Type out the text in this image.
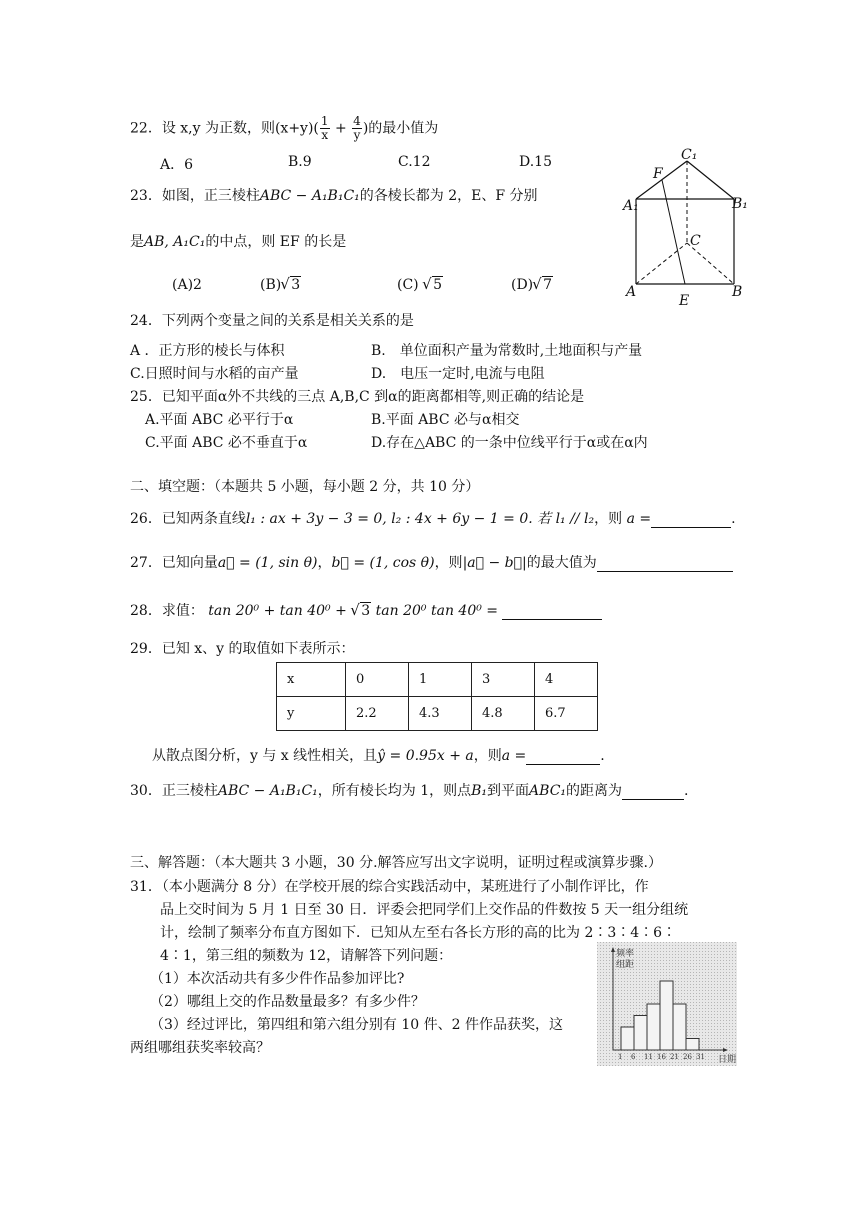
22．设 x,y 为正数，则$(x+y)( \frac{1}{x} + \frac{4}{y}$ )的最小值为
A．6	B.9	C.12	D.15
23．如图，正三棱柱ABC − A₁B₁C₁的各棱长都为 2，E、F 分别
是AB, A₁C₁的中点，则 EF 的长是
(A)2	(B) √ 3	(C) √ 5	(D) √ 7
C₁
F
A₁	B₁
C
A
E
B
24．下列两个变量之间的关系是相关关系的是
A ．正方形的棱长与体积	B.　单位面积产量为常数时,土地面积与产量
C.日照时间与水稻的亩产量	D.　电压一定时,电流与电阻
25．已知平面α外不共线的三点 A,B,C 到α的距离都相等,则正确的结论是
A.平面 ABC 必平行于α	B.平面 ABC 必与α相交
C.平面 ABC 必不垂直于α	D.存在△ABC 的一条中位线平行于α或在α内
二、填空题：（本题共 5 小题，每小题 2 分，共 10 分）
26．已知两条直线l₁ : ax + 3y − 3 = 0, l₂ : 4x + 6y − 1 = 0. 若 l₁ // l₂，则 a =	.
27．已知向量a⃗ = (1, sin θ)，b⃗ = (1, cos θ)，则|a⃗ − b⃗|的最大值为
28．求值： tan 20⁰ + tan 40⁰ + √ 3 tan 20⁰ tan 40⁰ =
29．已知 x、y 的取值如下表所示：
x	0	1	3	4
y	2.2	4.3	4.8	6.7
从散点图分析，y 与 x 线性相关，且ŷ = 0.95x + a，则a =	.
30．正三棱柱ABC − A₁B₁C₁，所有棱长均为 1，则点B₁到平面ABC₁的距离为	.
三、解答题：（本大题共 3 小题，30 分.解答应写出文字说明，证明过程或演算步骤.）
31．（本小题满分 8 分）在学校开展的综合实践活动中，某班进行了小制作评比，作
品上交时间为 5 月 1 日至 30 日．评委会把同学们上交作品的件数按 5 天一组分组统
计，绘制了频率分布直方图如下．已知从左至右各长方形的高的比为 2∶3∶4∶6∶
4∶1，第三组的频数为 12，请解答下列问题：
（1）本次活动共有多少件作品参加评比?
（2）哪组上交的作品数量最多？有多少件？
（3）经过评比，第四组和第六组分别有 10 件、2 件作品获奖，这
两组哪组获奖率较高？
频率
组距
日期
1 6 11 16 21 26 31
